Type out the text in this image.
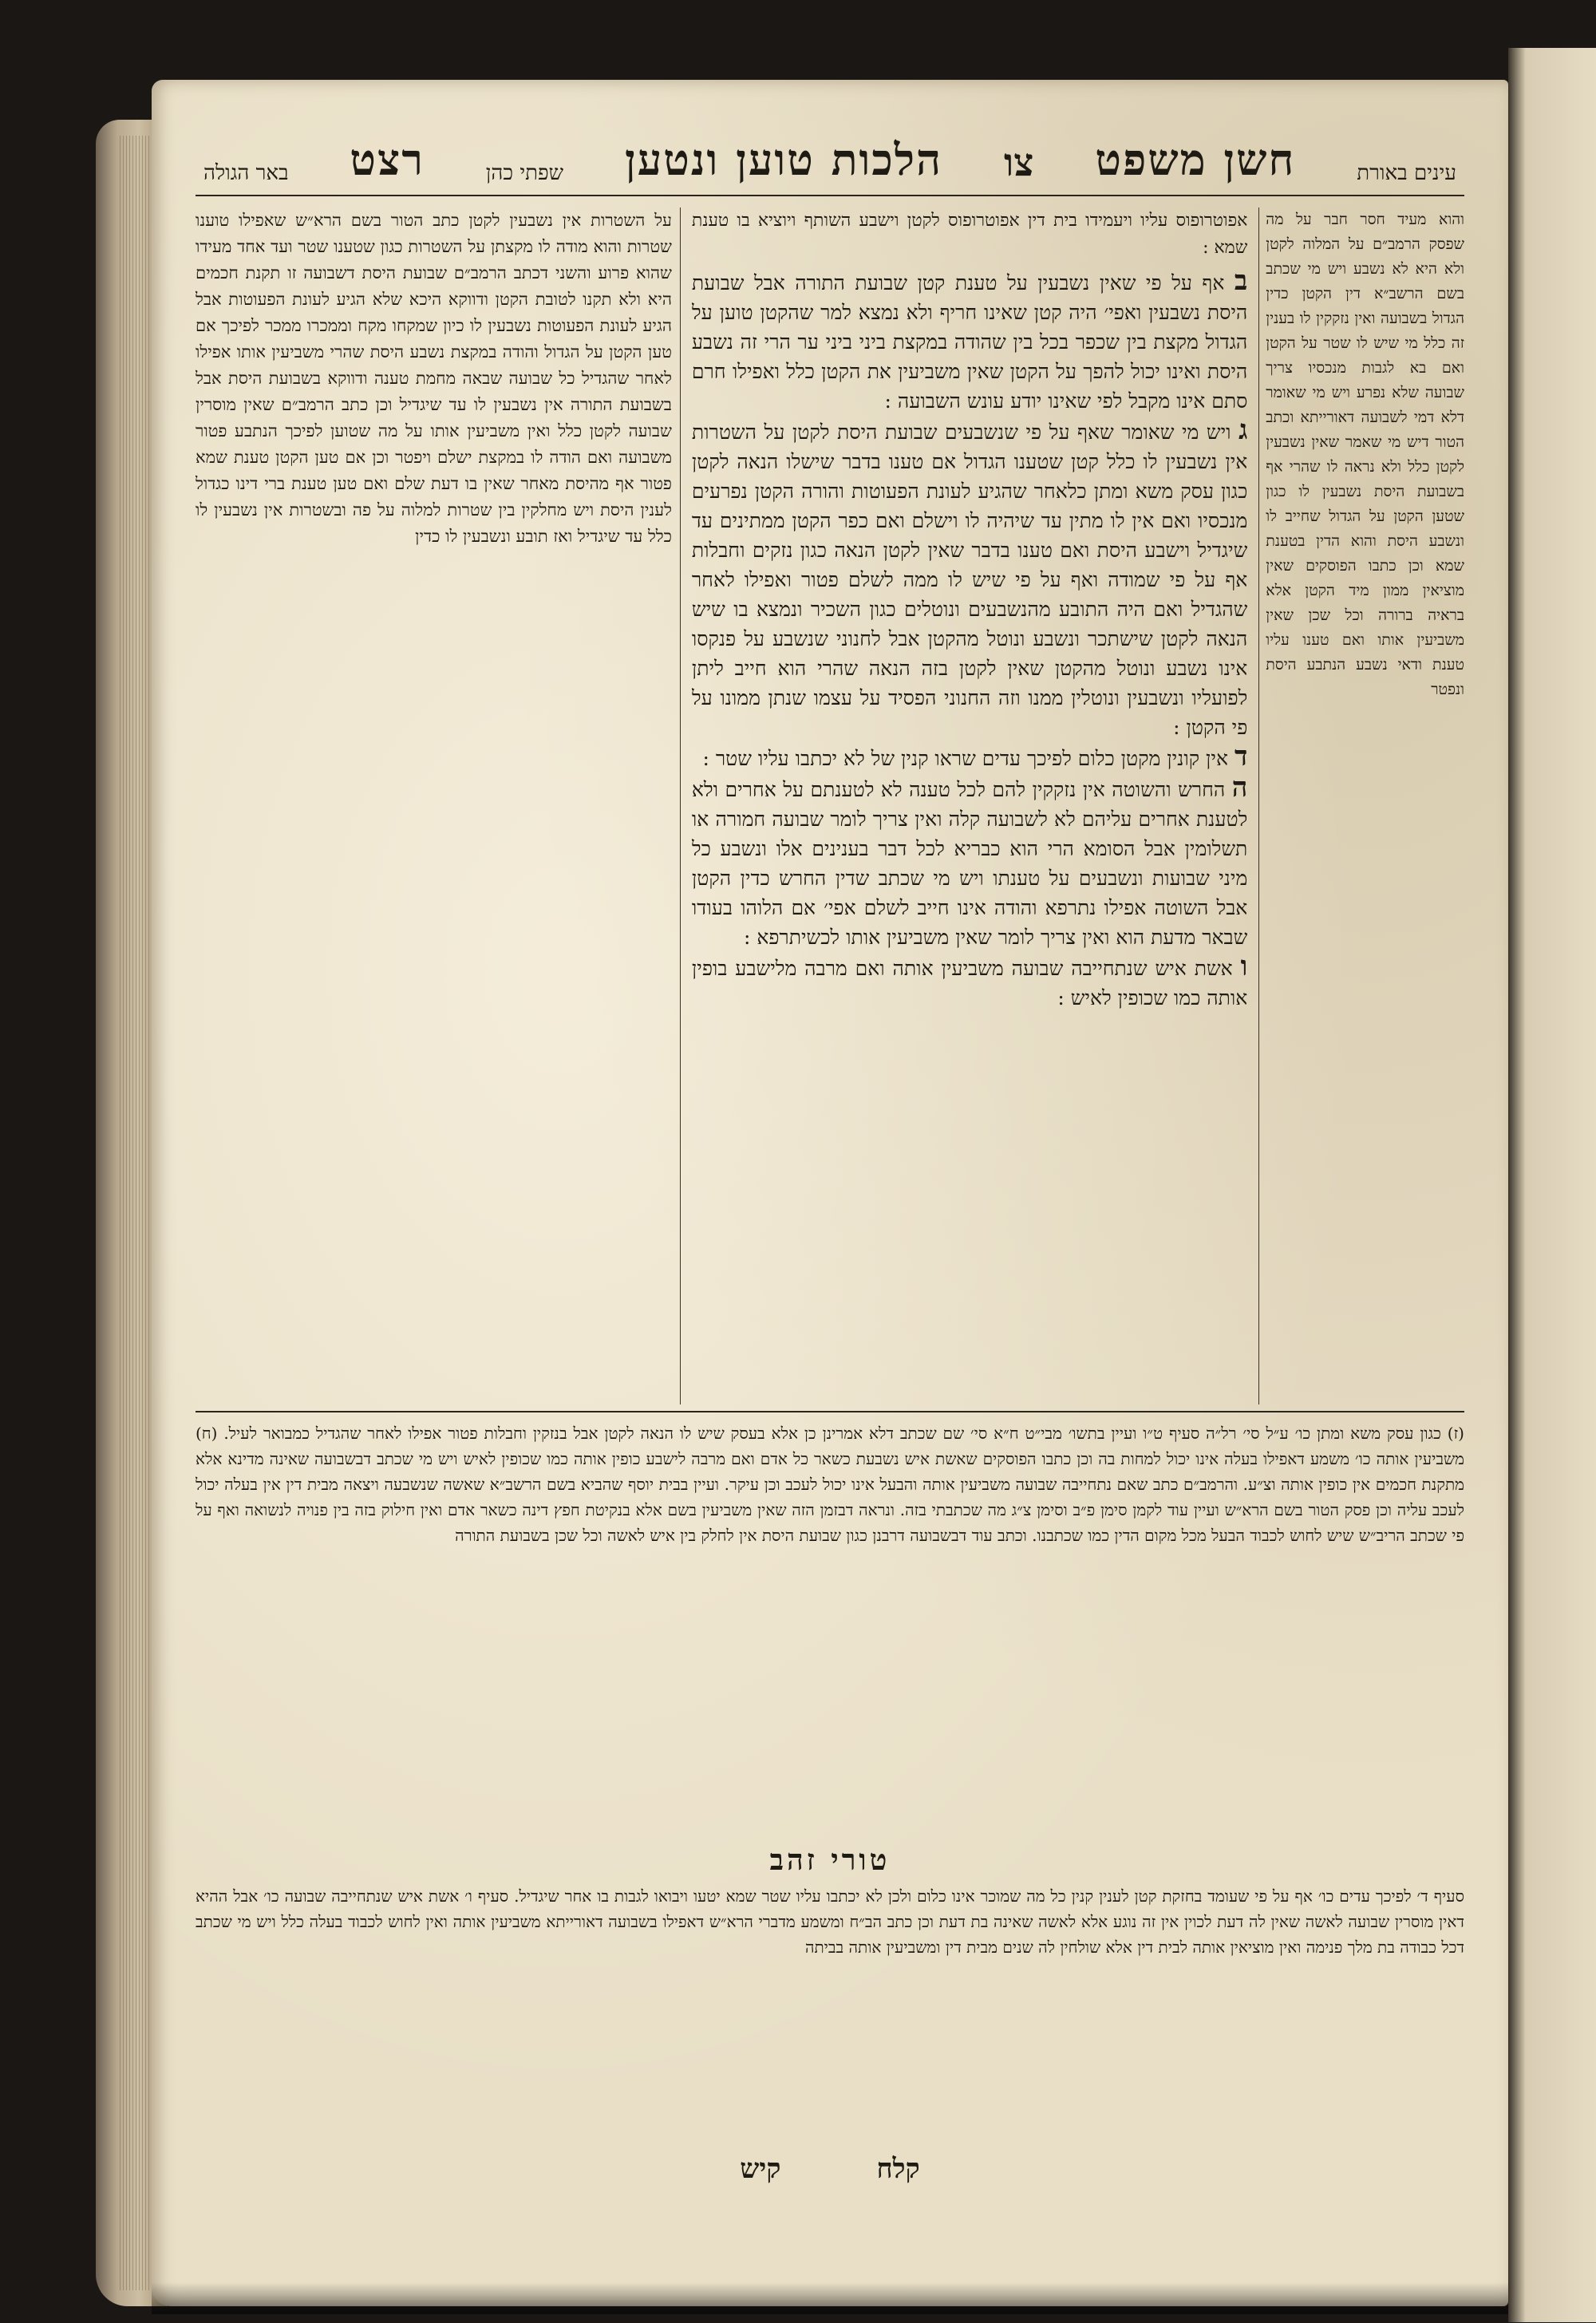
עינים באורת
חשן משפט
צו
הלכות טוען ונטען
שפתי כהן
רצט
באר הגולה
והוא מעיד חסר חבר על מה שפסק הרמב״ם על המלוה לקטן ולא היא לא נשבע ויש מי שכתב בשם הרשב״א דין הקטן כדין הגדול בשבועה ואין נזקקין לו בענין זה כלל מי שיש לו שטר על הקטן ואם בא לגבות מנכסיו צריך שבועה שלא נפרע ויש מי שאומר דלא דמי לשבועה דאורייתא וכתב הטור דיש מי שאמר שאין נשבעין לקטן כלל ולא נראה לו שהרי אף בשבועת היסת נשבעין לו כגון שטען הקטן על הגדול שחייב לו ונשבע היסת והוא הדין בטענת שמא וכן כתבו הפוסקים שאין מוציאין ממון מיד הקטן אלא בראיה ברורה וכל שכן שאין משביעין אותו ואם טענו עליו טענת ודאי נשבע הנתבע היסת ונפטר
אפוטרופוס עליו ויעמידו בית דין אפוטרופוס לקטן וישבע השותף ויוציא בו טענת שמא :
ב אף על פי שאין נשבעין על טענת קטן שבועת התורה אבל שבועת היסת נשבעין ואפי׳ היה קטן שאינו חריף ולא נמצא למר שהקטן טוען על הגדול מקצת בין שכפר בכל בין שהודה במקצת ביני ביני ער הרי זה נשבע היסת ואינו יכול להפך על הקטן שאין משביעין את הקטן כלל ואפילו חרם סתם אינו מקבל לפי שאינו יודע עונש השבועה :
ג ויש מי שאומר שאף על פי שנשבעים שבועת היסת לקטן על השטרות אין נשבעין לו כלל קטן שטענו הגדול אם טענו בדבר שישלו הנאה לקטן כגון עסק משא ומתן כלאחר שהגיע לעונת הפעוטות והורה הקטן נפרעים מנכסיו ואם אין לו מתין עד שיהיה לו וישלם ואם כפר הקטן ממתינים עד שיגדיל וישבע היסת ואם טענו בדבר שאין לקטן הנאה כגון נזקים וחבלות אף על פי שמודה ואף על פי שיש לו ממה לשלם פטור ואפילו לאחר שהגדיל ואם היה התובע מהנשבעים ונוטלים כגון השכיר ונמצא בו שיש הנאה לקטן שישתכר ונשבע ונוטל מהקטן אבל לחנוני שנשבע על פנקסו אינו נשבע ונוטל מהקטן שאין לקטן בזה הנאה שהרי הוא חייב ליתן לפועליו ונשבעין ונוטלין ממנו וזה החנוני הפסיד על עצמו שנתן ממונו על פי הקטן :
ד אין קונין מקטן כלום לפיכך עדים שראו קנין של לא יכתבו עליו שטר :
ה החרש והשוטה אין נזקקין להם לכל טענה לא לטענתם על אחרים ולא לטענת אחרים עליהם לא לשבועה קלה ואין צריך לומר שבועה חמורה או תשלומין אבל הסומא הרי הוא כבריא לכל דבר בענינים אלו ונשבע כל מיני שבועות ונשבעים על טענתו ויש מי שכתב שדין החרש כדין הקטן אבל השוטה אפילו נתרפא והודה אינו חייב לשלם אפי׳ אם הלוהו בעודו שבאר מדעת הוא ואין צריך לומר שאין משביעין אותו לכשיתרפא :
ו אשת איש שנתחייבה שבועה משביעין אותה ואם מרבה מלישבע בופין אותה כמו שכופין לאיש :
על השטרות אין נשבעין לקטן כתב הטור בשם הרא״ש שאפילו טוענו שטרות והוא מודה לו מקצתן על השטרות כגון שטענו שטר ועד אחד מעידו שהוא פרוע והשני דכתב הרמב״ם שבועת היסת דשבועה זו תקנת חכמים היא ולא תקנו לטובת הקטן ודווקא היכא שלא הגיע לעונת הפעוטות אבל הגיע לעונת הפעוטות נשבעין לו כיון שמקחו מקח וממכרו ממכר לפיכך אם טען הקטן על הגדול והודה במקצת נשבע היסת שהרי משביעין אותו אפילו לאחר שהגדיל כל שבועה שבאה מחמת טענה ודווקא בשבועת היסת אבל בשבועת התורה אין נשבעין לו עד שיגדיל וכן כתב הרמב״ם שאין מוסרין שבועה לקטן כלל ואין משביעין אותו על מה שטוען לפיכך הנתבע פטור משבועה ואם הודה לו במקצת ישלם ויפטר וכן אם טען הקטן טענת שמא פטור אף מהיסת מאחר שאין בו דעת שלם ואם טען טענת ברי דינו כגדול לענין היסת ויש מחלקין בין שטרות למלוה על פה ובשטרות אין נשבעין לו כלל עד שיגדיל ואז תובע ונשבעין לו כדין
(ז) כגון עסק משא ומתן כו׳ ע״ל סי׳ רל״ה סעיף ט״ו ועיין בתשו׳ מבי״ט ח״א סי׳ שם שכתב דלא אמרינן כן אלא בעסק שיש לו הנאה לקטן אבל בנזקין וחבלות פטור אפילו לאחר שהגדיל כמבואר לעיל. (ח) משביעין אותה כו׳ משמע דאפילו בעלה אינו יכול למחות בה וכן כתבו הפוסקים שאשת איש נשבעת כשאר כל אדם ואם מרבה לישבע כופין אותה כמו שכופין לאיש ויש מי שכתב דבשבועה שאינה מדינא אלא מתקנת חכמים אין כופין אותה וצ״ע. והרמב״ם כתב שאם נתחייבה שבועה משביעין אותה והבעל אינו יכול לעכב וכן עיקר. ועיין בבית יוסף שהביא בשם הרשב״א שאשה שנשבעה ויצאה מבית דין אין בעלה יכול לעכב עליה וכן פסק הטור בשם הרא״ש ועיין עוד לקמן סימן פ״ב וסימן צ״ג מה שכתבתי בזה. ונראה דבזמן הזה שאין משביעין בשם אלא בנקיטת חפץ דינה כשאר אדם ואין חילוק בזה בין פנויה לנשואה ואף על פי שכתב הריב״ש שיש לחוש לכבוד הבעל מכל מקום הדין כמו שכתבנו. וכתב עוד דבשבועה דרבנן כגון שבועת היסת אין לחלק בין איש לאשה וכל שכן בשבועת התורה
טורי זהב
סעיף ד׳ לפיכך עדים כו׳ אף על פי שעומד בחזקת קטן לענין קנין כל מה שמוכר אינו כלום ולכן לא יכתבו עליו שטר שמא יטעו ויבואו לגבות בו אחר שיגדיל. סעיף ו׳ אשת איש שנתחייבה שבועה כו׳ אבל ההיא דאין מוסרין שבועה לאשה שאין לה דעת לכוין אין זה נוגע אלא לאשה שאינה בת דעת וכן כתב הב״ח ומשמע מדברי הרא״ש דאפילו בשבועה דאורייתא משביעין אותה ואין לחוש לכבוד בעלה כלל ויש מי שכתב דכל כבודה בת מלך פנימה ואין מוציאין אותה לבית דין אלא שולחין לה שנים מבית דין ומשביעין אותה בביתה
קלח
קיש
